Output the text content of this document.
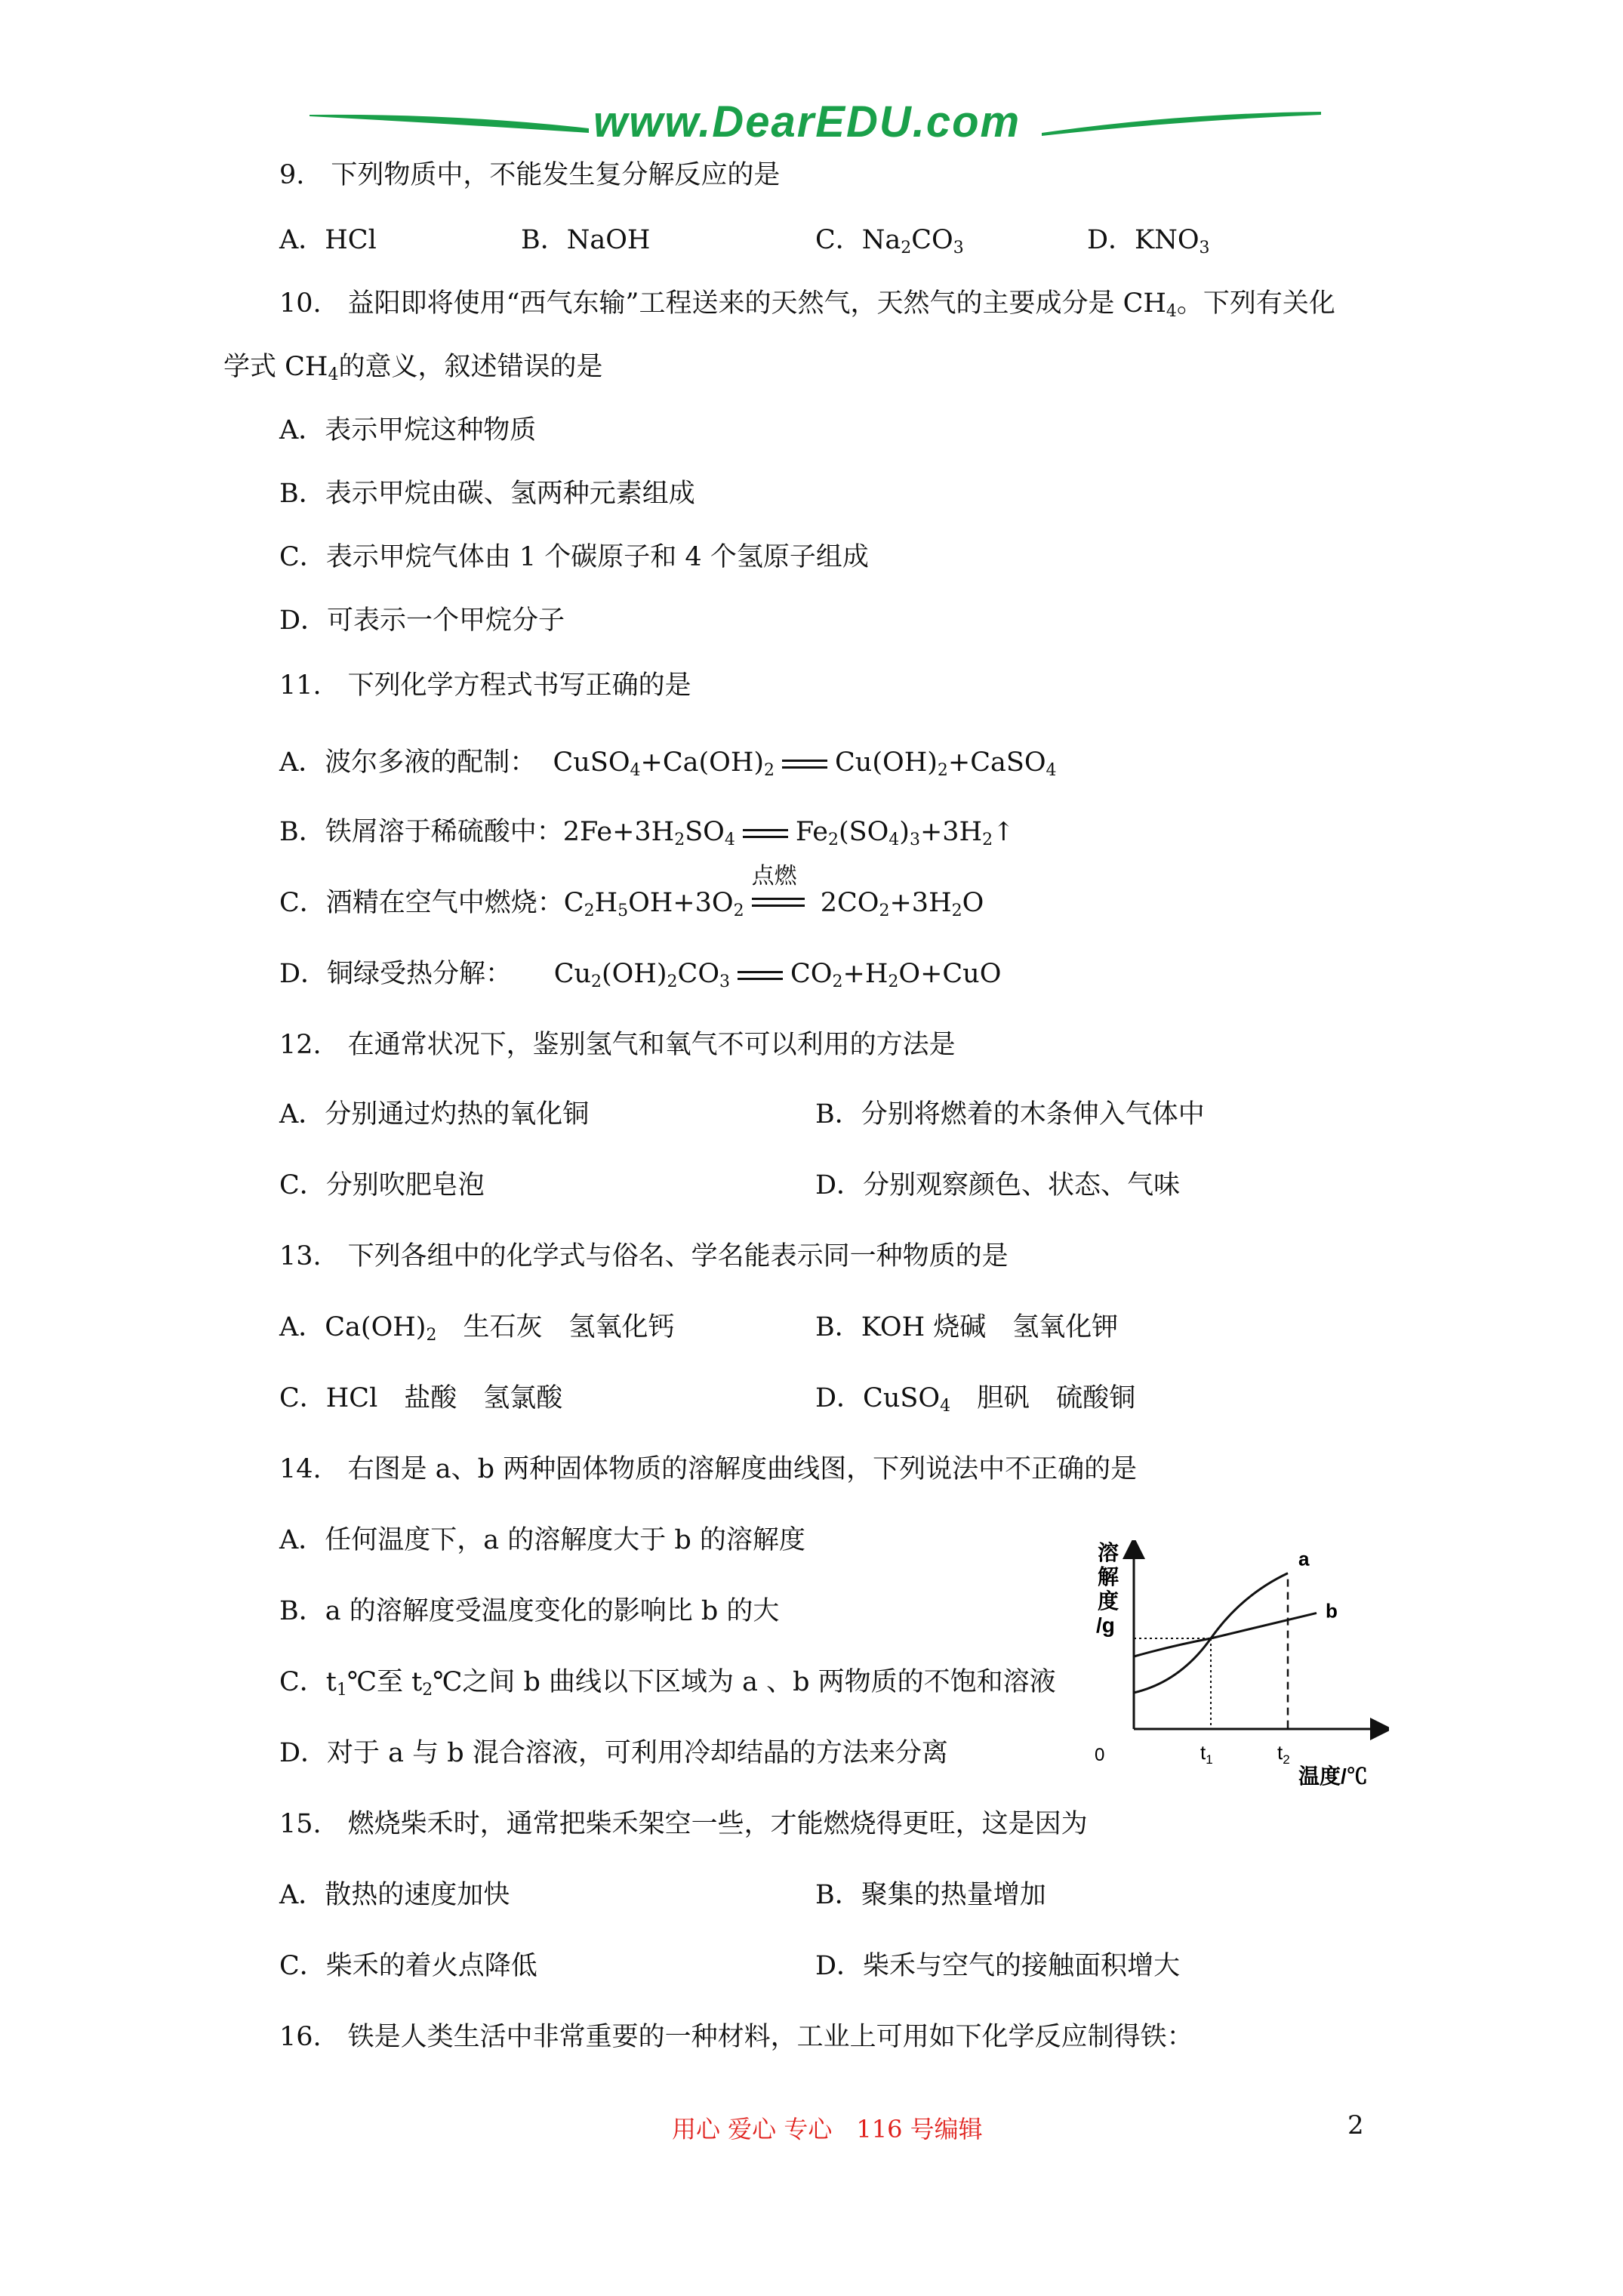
www.DearEDU.com
9.　下列物质中，不能发生复分解反应的是
A．HCl	B．NaOH	C．$Na_2CO_3$	D．$KNO_3$
10.　益阳即将使用“西气东输”工程送来的天然气，天然气的主要成分是 $CH_4$。下列有关化
学式 $CH_4$的意义，叙述错误的是
A．表示甲烷这种物质
B．表示甲烷由碳、氢两种元素组成
C．表示甲烷气体由 1 个碳原子和 4 个氢原子组成
D．可表示一个甲烷分子
11.　下列化学方程式书写正确的是
A．波尔多液的配制：  $CuSO_4+Ca(OH)_2$ $Cu(OH)_2+CaSO_4$
B．铁屑溶于稀硫酸中：$2Fe+3H_2SO_4$ $Fe_2(SO_4)_3+3H_2↑$
C．酒精在空气中燃烧：$C_2H_5OH+3O_2$
点燃
$2CO_2+3H_2O$
D．铜绿受热分解：     $Cu_2(OH)_2CO_3$ $CO_2+H_2O+CuO$
12.　在通常状况下，鉴别氢气和氧气不可以利用的方法是
A．分别通过灼热的氧化铜	B．分别将燃着的木条伸入气体中
C．分别吹肥皂泡	D．分别观察颜色、状态、气味
13.　下列各组中的化学式与俗名、学名能表示同一种物质的是
A．$Ca(OH)_2$　生石灰　氢氧化钙	B．KOH 烧碱　氢氧化钾
C．HCl　盐酸　氢氯酸	D．CuSO$_4$　胆矾　硫酸铜
14.　右图是 a、b 两种固体物质的溶解度曲线图，下列说法中不正确的是
A．任何温度下，a 的溶解度大于 b 的溶解度
B．a 的溶解度受温度变化的影响比 b 的大
C．$t_1℃$至 $t_2℃$之间 b 曲线以下区域为 a 、b 两物质的不饱和溶液
D．对于 a 与 b 混合溶液，可利用冷却结晶的方法来分离
溶解度/g
0
温度/℃
a
b
$t_1$	$t_2$
15.　燃烧柴禾时，通常把柴禾架空一些，才能燃烧得更旺，这是因为
A．散热的速度加快	B．聚集的热量增加
C．柴禾的着火点降低	D．柴禾与空气的接触面积增大
16.　铁是人类生活中非常重要的一种材料，工业上可用如下化学反应制得铁：
用心 爱心 专心　116 号编辑	2
